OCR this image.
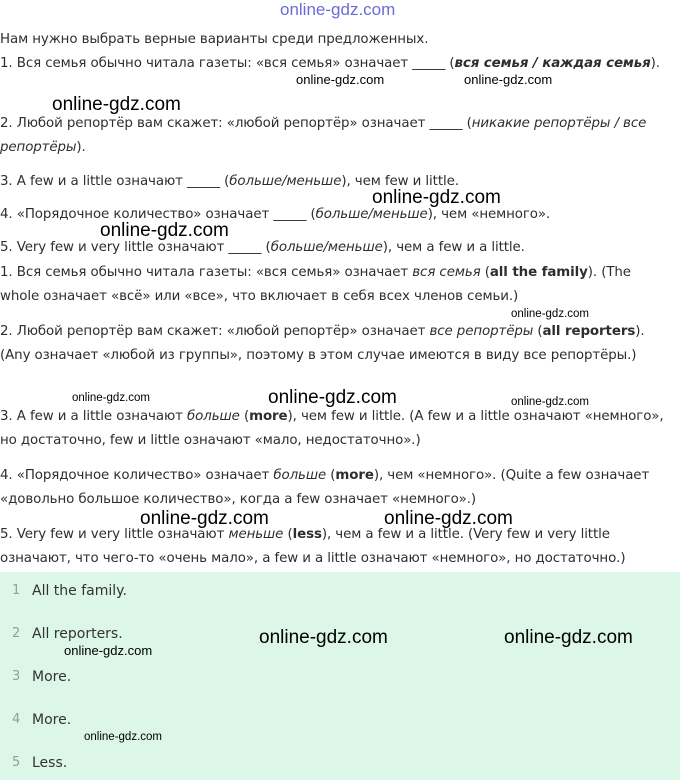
online-gdz.com
Нам нужно выбрать верные варианты среди предложенных.
1. Вся семья обычно читала газеты: «вся семья» означает _____ (вся семья / каждая семья).
2. Любой репортёр вам скажет: «любой репортёр» означает _____ (никакие репортёры / все репортёры).
3. A few и a little означают _____ (больше/меньше), чем few и little.
4. «Порядочное количество» означает _____ (больше/меньше), чем «немного».
5. Very few и very little означают _____ (больше/меньше), чем a few и a little.
1. Вся семья обычно читала газеты: «вся семья» означает вся семья (all the family). (The whole означает «всё» или «все», что включает в себя всех членов семьи.)
2. Любой репортёр вам скажет: «любой репортёр» означает все репортёры (all reporters). (Any означает «любой из группы», поэтому в этом случае имеются в виду все репортёры.)
3. A few и a little означают больше (more), чем few и little. (A few и a little означают «немного», но достаточно, few и little означают «мало, недостаточно».)
4. «Порядочное количество» означает больше (more), чем «немного». (Quite a few означает «довольно большое количество», когда a few означает «немного».)
5. Very few и very little означают меньше (less), чем a few и a little. (Very few и very little означают, что чего-то «очень мало», а few и a little означают «немного», но достаточно.)
1 All the family.
2 All reporters.
3 More.
4 More.
5 Less.
online-gdz.com	online-gdz.com
online-gdz.com
online-gdz.com
online-gdz.com
online-gdz.com
online-gdz.com	online-gdz.com	online-gdz.com
online-gdz.com	online-gdz.com
online-gdz.com	online-gdz.com
online-gdz.com
online-gdz.com
